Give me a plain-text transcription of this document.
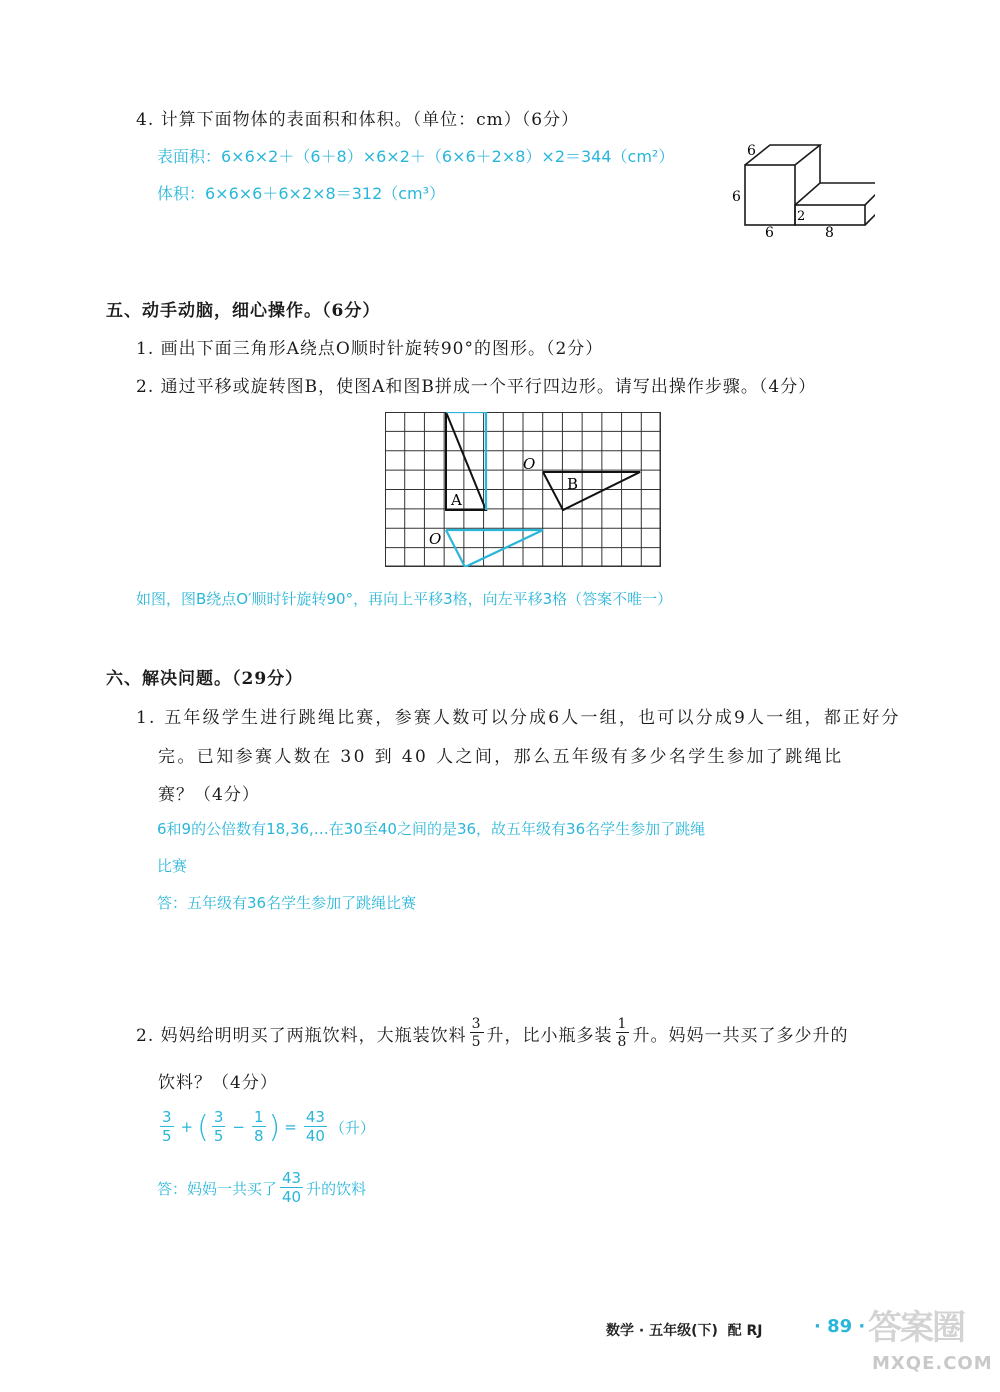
4. 计算下面物体的表面积和体积。（单位：cm）（6分）
表面积：6×6×2＋（6＋8）×6×2＋（6×6＋2×8）×2＝344（cm²）
体积：6×6×6＋6×2×8＝312（cm³）
6
6
2
6	8
五、动手动脑，细心操作。（6分）
1. 画出下面三角形A绕点O顺时针旋转90°的图形。（2分）
2. 通过平移或旋转图B，使图A和图B拼成一个平行四边形。请写出操作步骤。（4分）
A
B
O
O
如图，图B绕点O′顺时针旋转90°，再向上平移3格，向左平移3格（答案不唯一）
六、解决问题。（29分）
1. 五年级学生进行跳绳比赛，参赛人数可以分成6人一组，也可以分成9人一组，都正好分
完。已知参赛人数在 30 到 40 人之间，那么五年级有多少名学生参加了跳绳比
赛？（4分）
6和9的公倍数有18,36,…在30至40之间的是36，故五年级有36名学生参加了跳绳
比赛
答：五年级有36名学生参加了跳绳比赛
2. 妈妈给明明买了两瓶饮料，大瓶装饮料 $\frac{3}{5}$ 升，比小瓶多装 $\frac{1}{8}$ 升。妈妈一共买了多少升的
饮料？（4分）
$\frac{3}{5}$ + ( $\frac{3}{5} - \frac{1}{8}$ ) = $\frac{43}{40}$ （升）
答：妈妈一共买了 $\frac{43}{40}$ 升的饮料
数学 · 五年级(下)  配 RJ	· 89 · 答案圈
MXQE.COM
